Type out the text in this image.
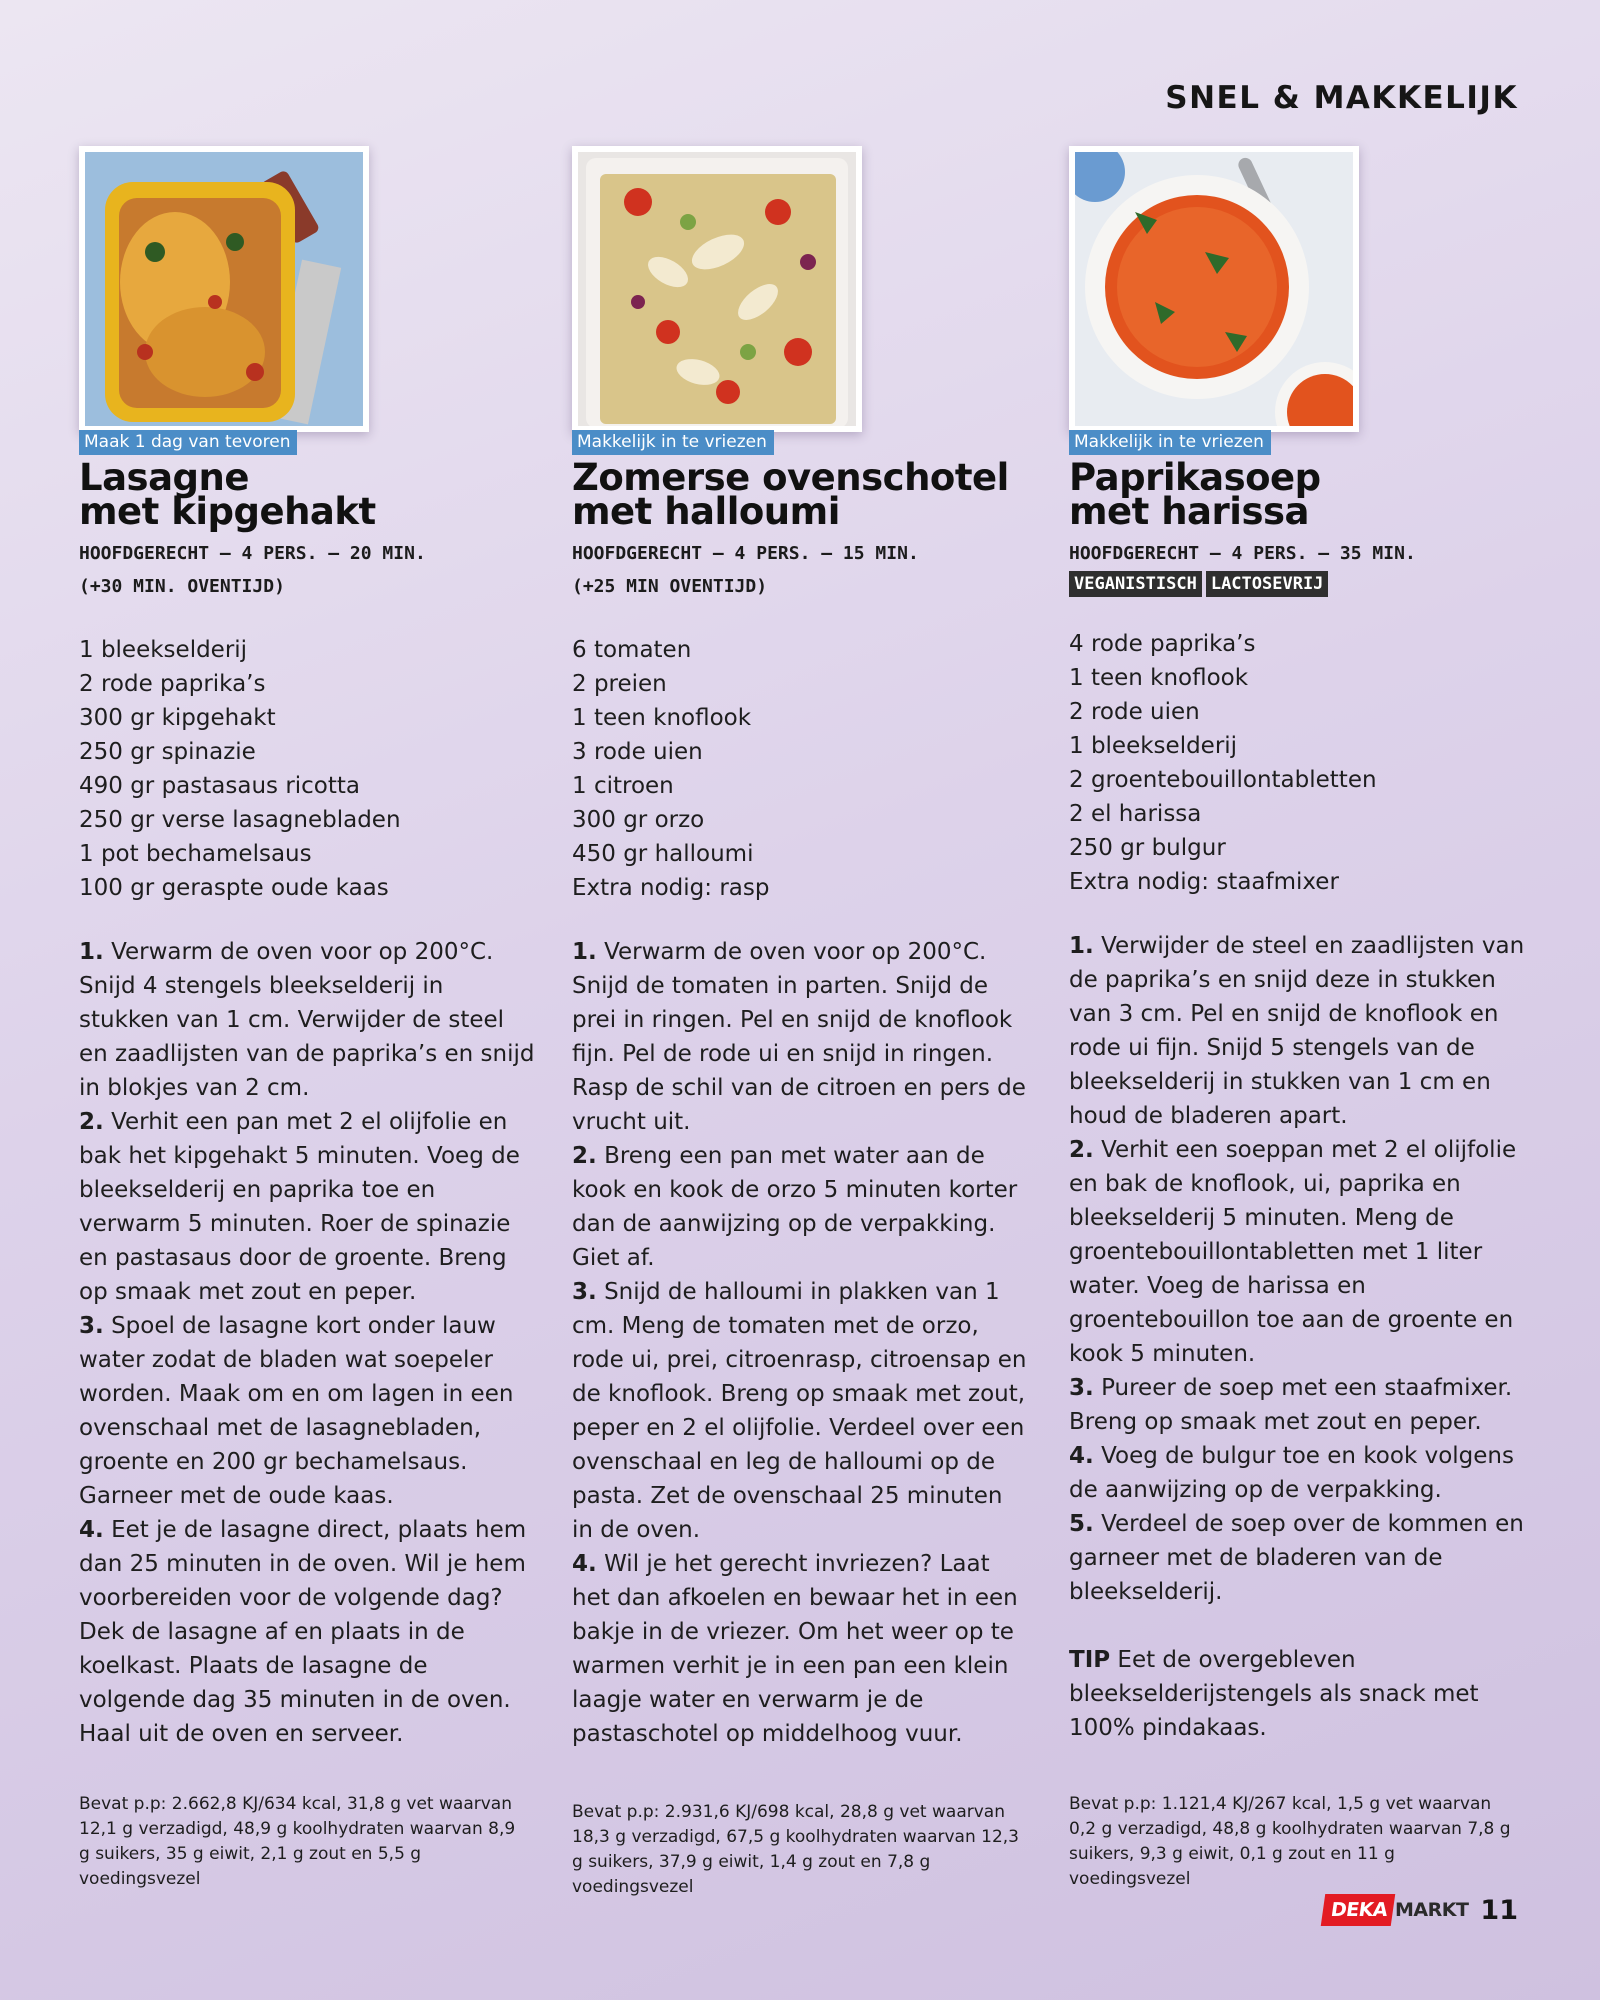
SNEL & MAKKELIJK
Maak 1 dag van tevoren
Lasagne
met kipgehakt
HOOFDGERECHT – 4 PERS. – 20 MIN.
(+30 MIN. OVENTIJD)
1 bleekselderij
2 rode paprika’s
300 gr kipgehakt
250 gr spinazie
490 gr pastasaus ricotta
250 gr verse lasagnebladen
1 pot bechamelsaus
100 gr geraspte oude kaas

1. Verwarm de oven voor op 200°C. Snijd 4 stengels bleekselderij in stukken van 1 cm. Verwijder de steel en zaadlijsten van de paprika’s en snijd in blokjes van 2 cm.

2. Verhit een pan met 2 el olijfolie en bak het kipgehakt 5 minuten. Voeg de bleekselderij en paprika toe en verwarm 5 minuten. Roer de spinazie en pastasaus door de groente. Breng op smaak met zout en peper.

3. Spoel de lasagne kort onder lauw water zodat de bladen wat soepeler worden. Maak om en om lagen in een ovenschaal met de lasagnebladen, groente en 200 gr bechamelsaus. Garneer met de oude kaas.

4. Eet je de lasagne direct, plaats hem dan 25 minuten in de oven. Wil je hem voorbereiden voor de volgende dag? Dek de lasagne af en plaats in de koelkast. Plaats de lasagne de volgende dag 35 minuten in de oven. Haal uit de oven en serveer.

Bevat p.p: 2.662,8 KJ/634 kcal, 31,8 g vet waarvan 12,1 g verzadigd, 48,9 g koolhydraten waarvan 8,9 g suikers, 35 g eiwit, 2,1 g zout en 5,5 g voedingsvezel
Makkelijk in te vriezen
Zomerse ovenschotel
met halloumi
HOOFDGERECHT – 4 PERS. – 15 MIN.
(+25 MIN OVENTIJD)
6 tomaten
2 preien
1 teen knoflook
3 rode uien
1 citroen
300 gr orzo
450 gr halloumi
Extra nodig: rasp

1. Verwarm de oven voor op 200°C. Snijd de tomaten in parten. Snijd de prei in ringen. Pel en snijd de knoflook fijn. Pel de rode ui en snijd in ringen. Rasp de schil van de citroen en pers de vrucht uit.

2. Breng een pan met water aan de kook en kook de orzo 5 minuten korter dan de aanwijzing op de verpakking. Giet af.

3. Snijd de halloumi in plakken van 1 cm. Meng de tomaten met de orzo, rode ui, prei, citroenrasp, citroensap en de knoflook. Breng op smaak met zout, peper en 2 el olijfolie. Verdeel over een ovenschaal en leg de halloumi op de pasta. Zet de ovenschaal 25 minuten in de oven.

4. Wil je het gerecht invriezen? Laat het dan afkoelen en bewaar het in een bakje in de vriezer. Om het weer op te warmen verhit je in een pan een klein laagje water en verwarm je de pastaschotel op middelhoog vuur.

Bevat p.p: 2.931,6 KJ/698 kcal, 28,8 g vet waarvan 18,3 g verzadigd, 67,5 g koolhydraten waarvan 12,3 g suikers, 37,9 g eiwit, 1,4 g zout en 7,8 g voedingsvezel
Makkelijk in te vriezen
Paprikasoep
met harissa
HOOFDGERECHT – 4 PERS. – 35 MIN.
VEGANISTISCH LACTOSEVRIJ
4 rode paprika’s
1 teen knoflook
2 rode uien
1 bleekselderij
2 groentebouillontabletten
2 el harissa
250 gr bulgur
Extra nodig: staafmixer

1. Verwijder de steel en zaadlijsten van de paprika’s en snijd deze in stukken van 3 cm. Pel en snijd de knoflook en rode ui fijn. Snijd 5 stengels van de bleekselderij in stukken van 1 cm en houd de bladeren apart.

2. Verhit een soeppan met 2 el olijfolie en bak de knoflook, ui, paprika en bleekselderij 5 minuten. Meng de groentebouillontabletten met 1 liter water. Voeg de harissa en groentebouillon toe aan de groente en kook 5 minuten.

3. Pureer de soep met een staafmixer. Breng op smaak met zout en peper.

4. Voeg de bulgur toe en kook volgens de aanwijzing op de verpakking.

5. Verdeel de soep over de kommen en garneer met de bladeren van de bleekselderij.

TIP Eet de overgebleven bleekselderijstengels als snack met 100% pindakaas.
Bevat p.p: 1.121,4 KJ/267 kcal, 1,5 g vet waarvan 0,2 g verzadigd, 48,8 g koolhydraten waarvan 7,8 g suikers, 9,3 g eiwit, 0,1 g zout en 11 g voedingsvezel
DEKA MARKT 11
